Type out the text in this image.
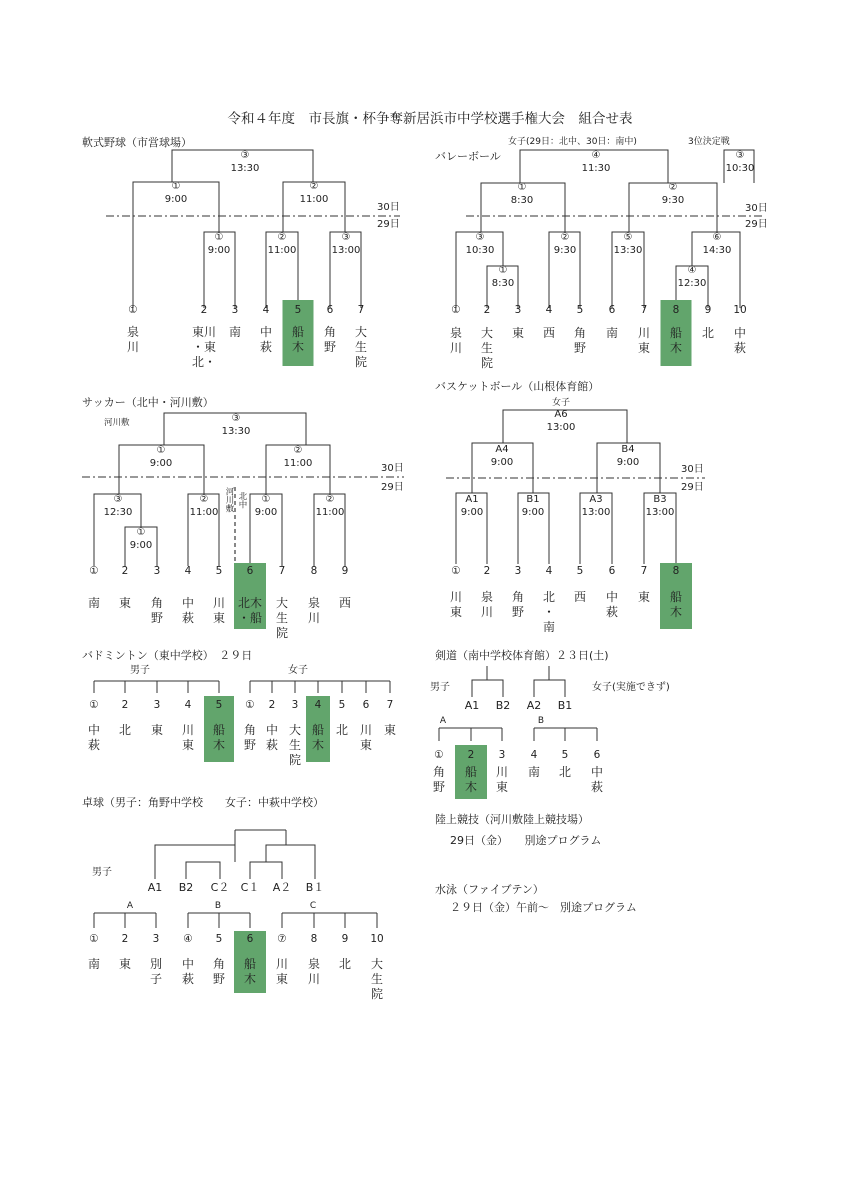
令和４年度　市長旗・杯争奪新居浜市中学校選手権大会　組合せ表
軟式野球（市営球場）
③
13:30
①
9:00
②
11:00
①
9:00
②
11:00
③
13:00
30日
29日
①
泉
川
2
東川
・東
北・
3
南
4
中
萩
5
船
木
6
角
野
7
大
生
院
バレーボール
女子(29日：北中、30日：南中)	3位決定戦
③
10:30
④
11:30
①
8:30
②
9:30
③
10:30
②
9:30
⑤
13:30
⑥
14:30
①
8:30
④
12:30
30日
29日
①
泉
川
2
大
生
院
3
東
4
西
5
角
野
6
南
7
川
東
8
船
木
9
北
10
中
萩
サッカー（北中・河川敷）
河川敷	③
13:30
①
9:00
②
11:00
③
12:30
②
11:00
①
9:00
②
11:00
①
9:00
30日
29日
河川敷 北中
①
南
2
東
3
角
野
4
中
萩
5
川
東
6
北木
・船
7
大
生
院
8
泉
川
9
西
バスケットボール（山根体育館）
女子
A6
13:00
A4
9:00
B4
9:00
A1
9:00
B1
9:00
A3
13:00
B3
13:00
30日
29日
①
川
東
2
泉
川
3
角
野
4
北
・
南
5
西
6
中
萩
7
東
8
船
木
バドミントン（東中学校）　２９日
男子	女子
①
中
萩
2
北
3
東
4
川
東
5
船
木
①
角
野
2
中
萩
3
大
生
院
4
船
木
5
北
6
川
東
7
東
剣道（南中学校体育館）２３日(土)
男子	女子(実施できず)
A1 B2 A2 B1
A	B
①
角
野
2
船
木
3
川
東
4
南
5
北
6
中
萩
陸上競技（河川敷陸上競技場）
29日（金）　　別途プログラム
水泳（ファイブテン）
２９日（金）午前〜　別途プログラム
卓球（男子：角野中学校　　女子：中萩中学校）
男子
A1 B2 C２ C１ A２ B１
A	B	C
①
南
2
東
3
別
子
④
中
萩
5
角
野
6
船
木
⑦
川
東
8
泉
川
9
北
10
大
生
院
